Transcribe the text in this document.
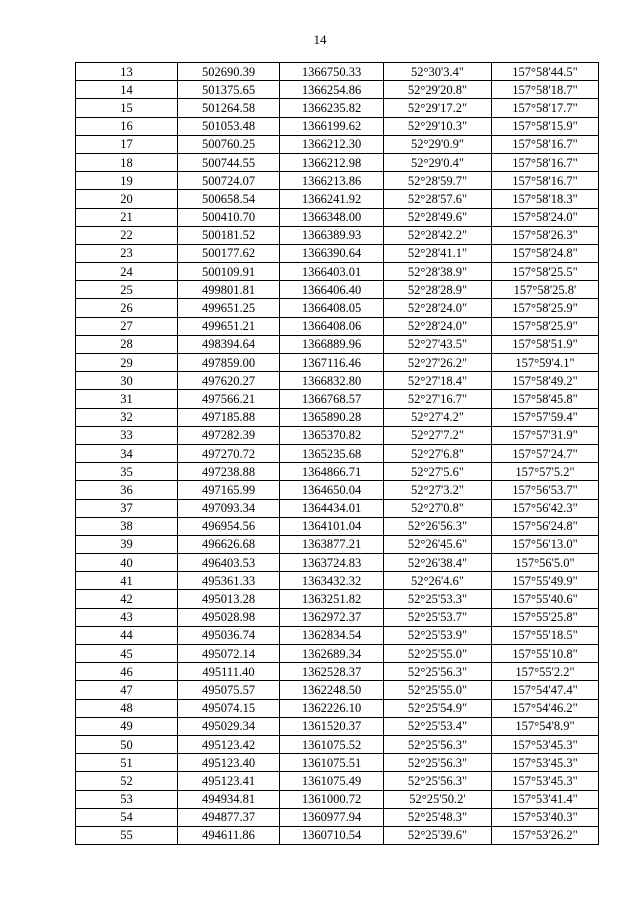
14
13	502690.39	1366750.33	52°30'3.4"	157°58'44.5"
14	501375.65	1366254.86	52°29'20.8"	157°58'18.7"
15	501264.58	1366235.82	52°29'17.2"	157°58'17.7"
16	501053.48	1366199.62	52°29'10.3"	157°58'15.9"
17	500760.25	1366212.30	52°29'0.9"	157°58'16.7"
18	500744.55	1366212.98	52°29'0.4"	157°58'16.7"
19	500724.07	1366213.86	52°28'59.7"	157°58'16.7"
20	500658.54	1366241.92	52°28'57.6"	157°58'18.3"
21	500410.70	1366348.00	52°28'49.6"	157°58'24.0"
22	500181.52	1366389.93	52°28'42.2"	157°58'26.3"
23	500177.62	1366390.64	52°28'41.1"	157°58'24.8"
24	500109.91	1366403.01	52°28'38.9"	157°58'25.5"
25	499801.81	1366406.40	52°28'28.9"	157°58'25.8'
26	499651.25	1366408.05	52°28'24.0"	157°58'25.9"
27	499651.21	1366408.06	52°28'24.0"	157°58'25.9"
28	498394.64	1366889.96	52°27'43.5"	157°58'51.9"
29	497859.00	1367116.46	52°27'26.2"	157°59'4.1"
30	497620.27	1366832.80	52°27'18.4"	157°58'49.2"
31	497566.21	1366768.57	52°27'16.7"	157°58'45.8"
32	497185.88	1365890.28	52°27'4.2"	157°57'59.4"
33	497282.39	1365370.82	52°27'7.2"	157°57'31.9"
34	497270.72	1365235.68	52°27'6.8"	157°57'24.7"
35	497238.88	1364866.71	52°27'5.6"	157°57'5.2"
36	497165.99	1364650.04	52°27'3.2"	157°56'53.7"
37	497093.34	1364434.01	52°27'0.8"	157°56'42.3"
38	496954.56	1364101.04	52°26'56.3"	157°56'24.8"
39	496626.68	1363877.21	52°26'45.6"	157°56'13.0"
40	496403.53	1363724.83	52°26'38.4"	157°56'5.0"
41	495361.33	1363432.32	52°26'4.6"	157°55'49.9"
42	495013.28	1363251.82	52°25'53.3"	157°55'40.6"
43	495028.98	1362972.37	52°25'53.7"	157°55'25.8"
44	495036.74	1362834.54	52°25'53.9"	157°55'18.5"
45	495072.14	1362689.34	52°25'55.0"	157°55'10.8"
46	495111.40	1362528.37	52°25'56.3"	157°55'2.2"
47	495075.57	1362248.50	52°25'55.0"	157°54'47.4"
48	495074.15	1362226.10	52°25'54.9"	157°54'46.2"
49	495029.34	1361520.37	52°25'53.4"	157°54'8.9"
50	495123.42	1361075.52	52°25'56.3"	157°53'45.3"
51	495123.40	1361075.51	52°25'56.3"	157°53'45.3"
52	495123.41	1361075.49	52°25'56.3"	157°53'45.3"
53	494934.81	1361000.72	52°25'50.2'	157°53'41.4"
54	494877.37	1360977.94	52°25'48.3"	157°53'40.3"
55	494611.86	1360710.54	52°25'39.6"	157°53'26.2"
